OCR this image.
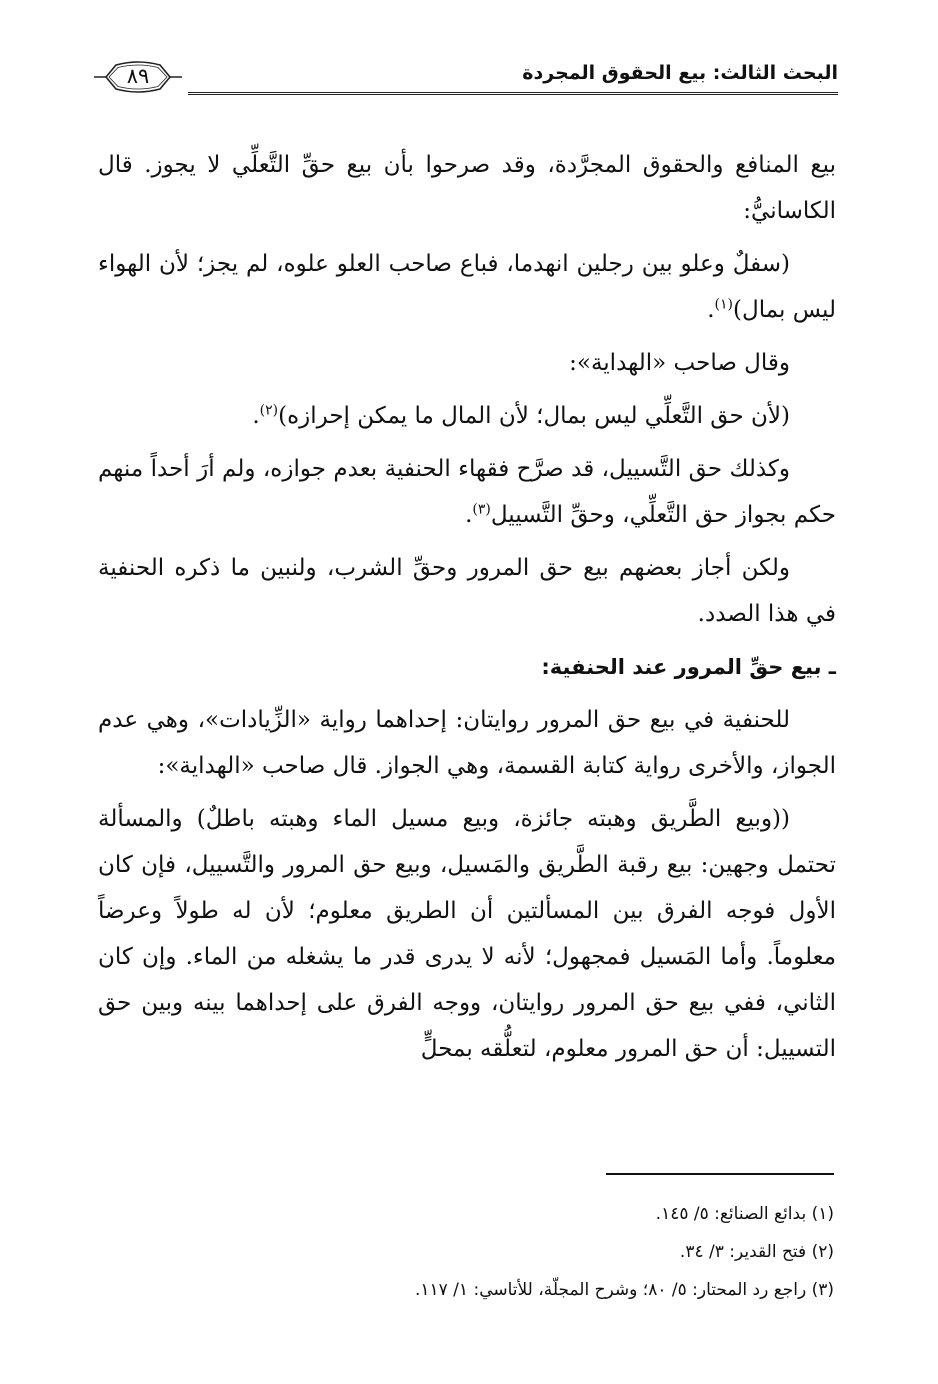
البحث الثالث: بيع الحقوق المجردة
٨٩

بيع المنافع والحقوق المجرَّدة، وقد صرحوا بأن بيع حقِّ التَّعلِّي لا يجوز. قال الكاسانيُّ:

(سفلٌ وعلو بين رجلين انهدما، فباع صاحب العلو علوه، لم يجز؛ لأن الهواء ليس بمال)$^{(١)}$.

وقال صاحب «الهداية»:

(لأن حق التَّعلِّي ليس بمال؛ لأن المال ما يمكن إحرازه)$^{(٢)}$.

وكذلك حق التَّسييل، قد صرَّح فقهاء الحنفية بعدم جوازه، ولم أرَ أحداً منهم حكم بجواز حق التَّعلِّي، وحقِّ التَّسييل$^{(٣)}$.

ولكن أجاز بعضهم بيع حق المرور وحقِّ الشرب، ولنبين ما ذكره الحنفية في هذا الصدد.

ـ بيع حقِّ المرور عند الحنفية:

للحنفية في بيع حق المرور روايتان: إحداهما رواية «الزِّيادات»، وهي عدم الجواز، والأخرى رواية كتابة القسمة، وهي الجواز. قال صاحب «الهداية»:

((وبيع الطَّريق وهبته جائزة، وبيع مسيل الماء وهبته باطلٌ) والمسألة تحتمل وجهين: بيع رقبة الطَّريق والمَسيل، وبيع حق المرور والتَّسييل، فإن كان الأول فوجه الفرق بين المسألتين أن الطريق معلوم؛ لأن له طولاً وعرضاً معلوماً. وأما المَسيل فمجهول؛ لأنه لا يدرى قدر ما يشغله من الماء. وإن كان الثاني، ففي بيع حق المرور روايتان، ووجه الفرق على إحداهما بينه وبين حق التسييل: أن حق المرور معلوم، لتعلُّقه بمحلٍّ

(١) بدائع الصنائع: ٥/ ١٤٥.
(٢) فتح القدير: ٣/ ٣٤.
(٣) راجع رد المحتار: ٥/ ٨٠؛ وشرح المجلّة، للأتاسي: ١/ ١١٧.
